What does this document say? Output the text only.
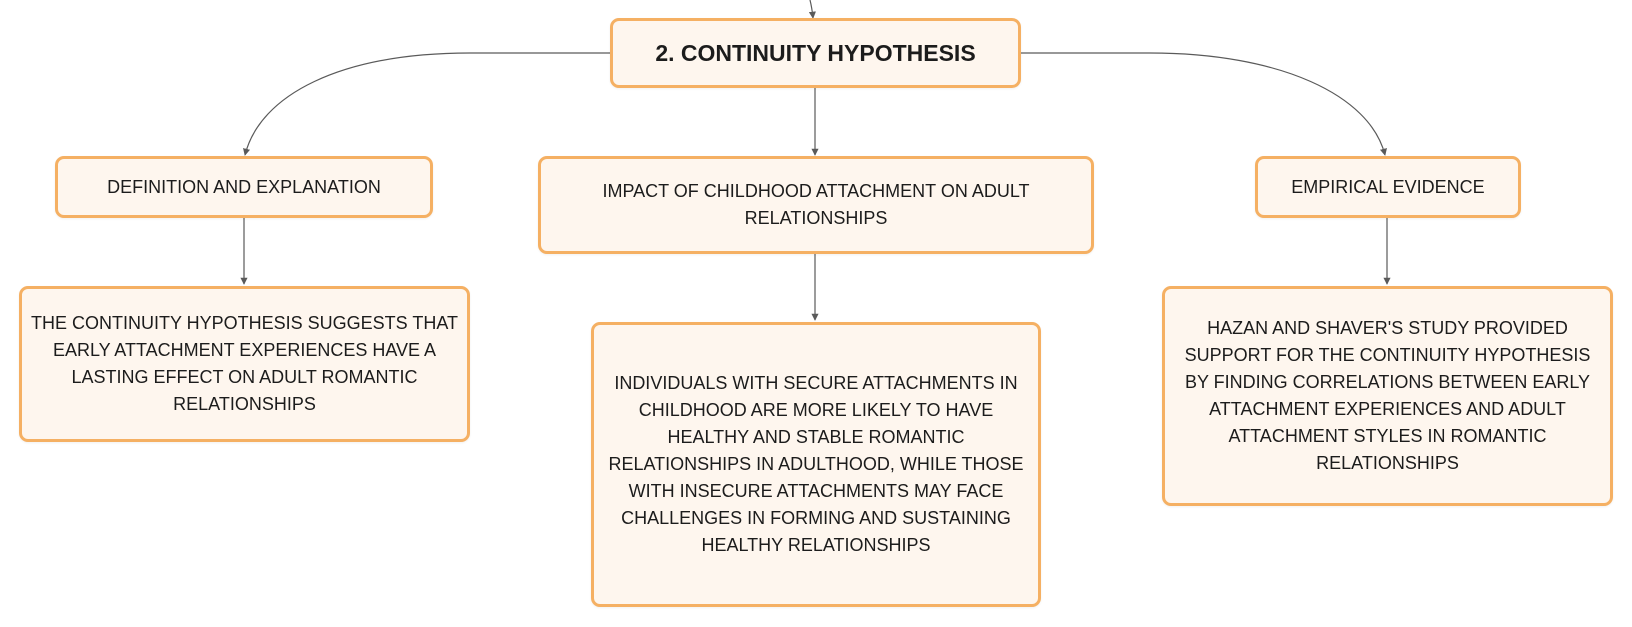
2. CONTINUITY HYPOTHESIS
DEFINITION AND EXPLANATION	IMPACT OF CHILDHOOD ATTACHMENT ON ADULT RELATIONSHIPS
EMPIRICAL EVIDENCE
THE CONTINUITY HYPOTHESIS SUGGESTS THAT EARLY ATTACHMENT EXPERIENCES HAVE A LASTING EFFECT ON ADULT ROMANTIC RELATIONSHIPS
INDIVIDUALS WITH SECURE ATTACHMENTS IN CHILDHOOD ARE MORE LIKELY TO HAVE HEALTHY AND STABLE ROMANTIC RELATIONSHIPS IN ADULTHOOD, WHILE THOSE WITH INSECURE ATTACHMENTS MAY FACE CHALLENGES IN FORMING AND SUSTAINING HEALTHY RELATIONSHIPS
HAZAN AND SHAVER'S STUDY PROVIDED SUPPORT FOR THE CONTINUITY HYPOTHESIS BY FINDING CORRELATIONS BETWEEN EARLY ATTACHMENT EXPERIENCES AND ADULT ATTACHMENT STYLES IN ROMANTIC RELATIONSHIPS
